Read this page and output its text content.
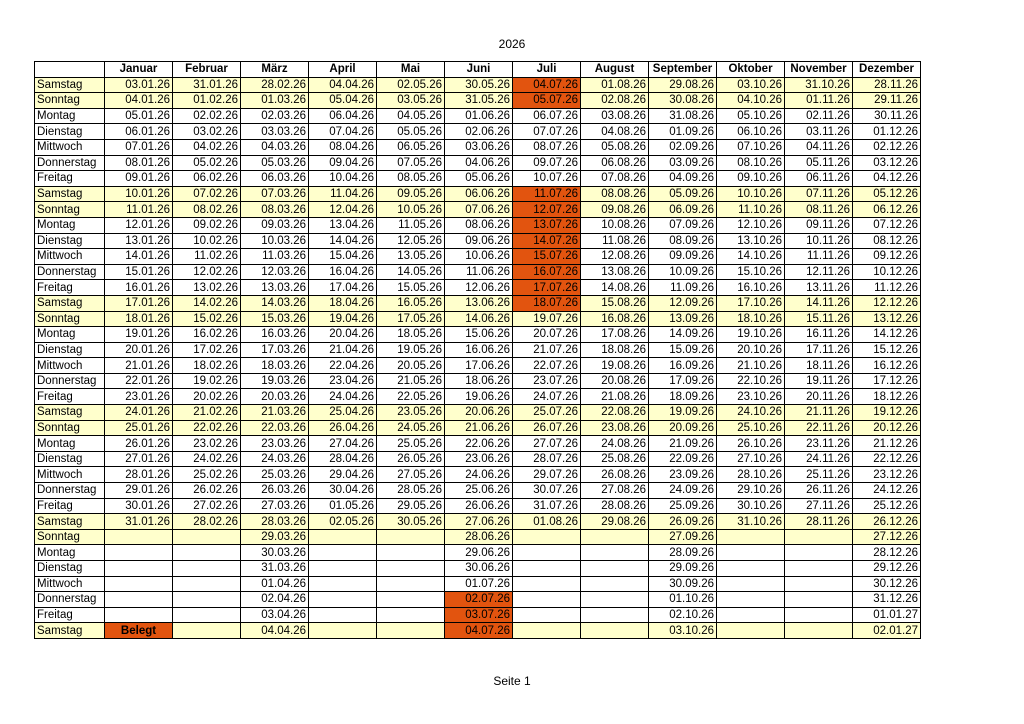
2026
	Januar	Februar	März	April	Mai	Juni	Juli	August	September	Oktober	November	Dezember
Samstag	03.01.26	31.01.26	28.02.26	04.04.26	02.05.26	30.05.26	04.07.26	01.08.26	29.08.26	03.10.26	31.10.26	28.11.26
Sonntag	04.01.26	01.02.26	01.03.26	05.04.26	03.05.26	31.05.26	05.07.26	02.08.26	30.08.26	04.10.26	01.11.26	29.11.26
Montag	05.01.26	02.02.26	02.03.26	06.04.26	04.05.26	01.06.26	06.07.26	03.08.26	31.08.26	05.10.26	02.11.26	30.11.26
Dienstag	06.01.26	03.02.26	03.03.26	07.04.26	05.05.26	02.06.26	07.07.26	04.08.26	01.09.26	06.10.26	03.11.26	01.12.26
Mittwoch	07.01.26	04.02.26	04.03.26	08.04.26	06.05.26	03.06.26	08.07.26	05.08.26	02.09.26	07.10.26	04.11.26	02.12.26
Donnerstag	08.01.26	05.02.26	05.03.26	09.04.26	07.05.26	04.06.26	09.07.26	06.08.26	03.09.26	08.10.26	05.11.26	03.12.26
Freitag	09.01.26	06.02.26	06.03.26	10.04.26	08.05.26	05.06.26	10.07.26	07.08.26	04.09.26	09.10.26	06.11.26	04.12.26
Samstag	10.01.26	07.02.26	07.03.26	11.04.26	09.05.26	06.06.26	11.07.26	08.08.26	05.09.26	10.10.26	07.11.26	05.12.26
Sonntag	11.01.26	08.02.26	08.03.26	12.04.26	10.05.26	07.06.26	12.07.26	09.08.26	06.09.26	11.10.26	08.11.26	06.12.26
Montag	12.01.26	09.02.26	09.03.26	13.04.26	11.05.26	08.06.26	13.07.26	10.08.26	07.09.26	12.10.26	09.11.26	07.12.26
Dienstag	13.01.26	10.02.26	10.03.26	14.04.26	12.05.26	09.06.26	14.07.26	11.08.26	08.09.26	13.10.26	10.11.26	08.12.26
Mittwoch	14.01.26	11.02.26	11.03.26	15.04.26	13.05.26	10.06.26	15.07.26	12.08.26	09.09.26	14.10.26	11.11.26	09.12.26
Donnerstag	15.01.26	12.02.26	12.03.26	16.04.26	14.05.26	11.06.26	16.07.26	13.08.26	10.09.26	15.10.26	12.11.26	10.12.26
Freitag	16.01.26	13.02.26	13.03.26	17.04.26	15.05.26	12.06.26	17.07.26	14.08.26	11.09.26	16.10.26	13.11.26	11.12.26
Samstag	17.01.26	14.02.26	14.03.26	18.04.26	16.05.26	13.06.26	18.07.26	15.08.26	12.09.26	17.10.26	14.11.26	12.12.26
Sonntag	18.01.26	15.02.26	15.03.26	19.04.26	17.05.26	14.06.26	19.07.26	16.08.26	13.09.26	18.10.26	15.11.26	13.12.26
Montag	19.01.26	16.02.26	16.03.26	20.04.26	18.05.26	15.06.26	20.07.26	17.08.26	14.09.26	19.10.26	16.11.26	14.12.26
Dienstag	20.01.26	17.02.26	17.03.26	21.04.26	19.05.26	16.06.26	21.07.26	18.08.26	15.09.26	20.10.26	17.11.26	15.12.26
Mittwoch	21.01.26	18.02.26	18.03.26	22.04.26	20.05.26	17.06.26	22.07.26	19.08.26	16.09.26	21.10.26	18.11.26	16.12.26
Donnerstag	22.01.26	19.02.26	19.03.26	23.04.26	21.05.26	18.06.26	23.07.26	20.08.26	17.09.26	22.10.26	19.11.26	17.12.26
Freitag	23.01.26	20.02.26	20.03.26	24.04.26	22.05.26	19.06.26	24.07.26	21.08.26	18.09.26	23.10.26	20.11.26	18.12.26
Samstag	24.01.26	21.02.26	21.03.26	25.04.26	23.05.26	20.06.26	25.07.26	22.08.26	19.09.26	24.10.26	21.11.26	19.12.26
Sonntag	25.01.26	22.02.26	22.03.26	26.04.26	24.05.26	21.06.26	26.07.26	23.08.26	20.09.26	25.10.26	22.11.26	20.12.26
Montag	26.01.26	23.02.26	23.03.26	27.04.26	25.05.26	22.06.26	27.07.26	24.08.26	21.09.26	26.10.26	23.11.26	21.12.26
Dienstag	27.01.26	24.02.26	24.03.26	28.04.26	26.05.26	23.06.26	28.07.26	25.08.26	22.09.26	27.10.26	24.11.26	22.12.26
Mittwoch	28.01.26	25.02.26	25.03.26	29.04.26	27.05.26	24.06.26	29.07.26	26.08.26	23.09.26	28.10.26	25.11.26	23.12.26
Donnerstag	29.01.26	26.02.26	26.03.26	30.04.26	28.05.26	25.06.26	30.07.26	27.08.26	24.09.26	29.10.26	26.11.26	24.12.26
Freitag	30.01.26	27.02.26	27.03.26	01.05.26	29.05.26	26.06.26	31.07.26	28.08.26	25.09.26	30.10.26	27.11.26	25.12.26
Samstag	31.01.26	28.02.26	28.03.26	02.05.26	30.05.26	27.06.26	01.08.26	29.08.26	26.09.26	31.10.26	28.11.26	26.12.26
Sonntag			29.03.26			28.06.26			27.09.26			27.12.26
Montag			30.03.26			29.06.26			28.09.26			28.12.26
Dienstag			31.03.26			30.06.26			29.09.26			29.12.26
Mittwoch			01.04.26			01.07.26			30.09.26			30.12.26
Donnerstag			02.04.26			02.07.26			01.10.26			31.12.26
Freitag			03.04.26			03.07.26			02.10.26			01.01.27
Samstag	Belegt		04.04.26			04.07.26			03.10.26			02.01.27
Seite 1
